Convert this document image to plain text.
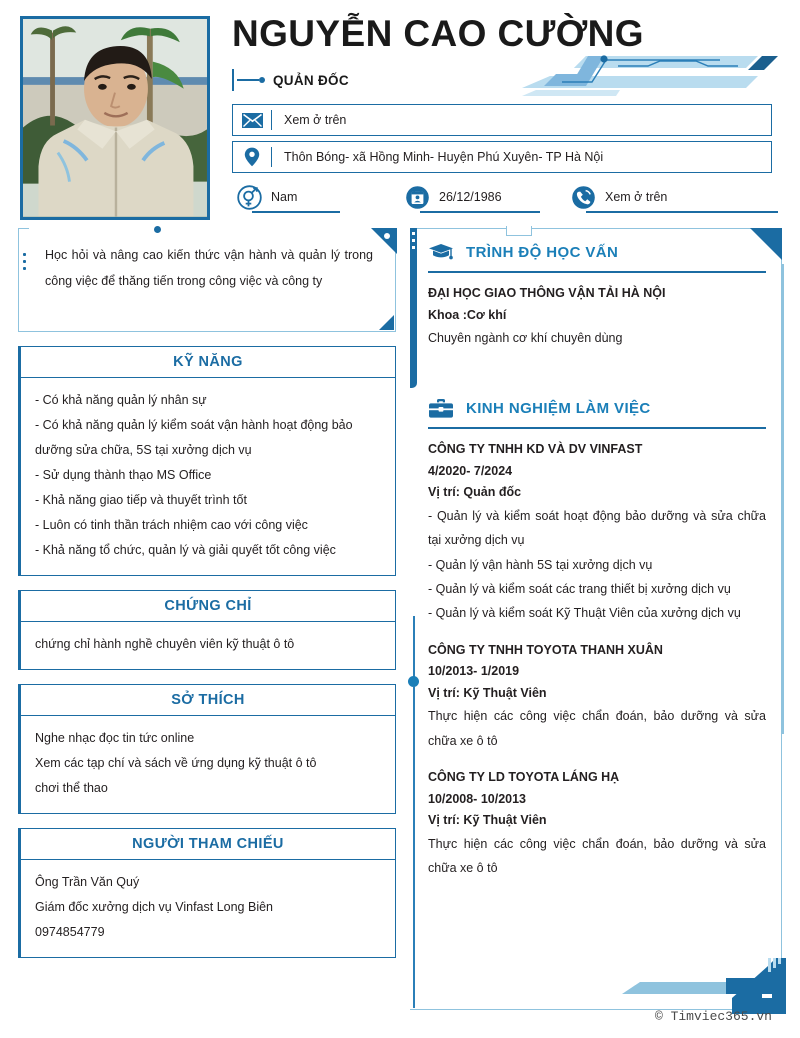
NGUYỄN CAO CƯỜNG
QUẢN ĐỐC
Xem ở trên
Thôn Bóng- xã Hồng Minh- Huyện Phú Xuyên- TP Hà Nội
Nam	26/12/1986	Xem ở trên

Học hỏi và nâng cao kiến thức vận hành và quản lý trong công việc để thăng tiến trong công việc và công ty

KỸ NĂNG

- Có khả năng quản lý nhân sự

- Có khả năng quản lý kiểm soát vận hành hoạt động bảo dưỡng sửa chữa, 5S tại xưởng dịch vụ

- Sử dụng thành thạo MS Office

- Khả năng giao tiếp và thuyết trình tốt

- Luôn có tinh thần trách nhiệm cao với công việc

- Khả năng tổ chức, quản lý và giải quyết tốt công việc

CHỨNG CHỈ

chứng chỉ hành nghề chuyên viên kỹ thuật ô tô

SỞ THÍCH

Nghe nhạc đọc tin tức online

Xem các tạp chí và sách về ứng dụng kỹ thuật ô tô

chơi thể thao

NGƯỜI THAM CHIẾU

Ông Trần Văn Quý

Giám đốc xưởng dịch vụ Vinfast Long Biên

0974854779

TRÌNH ĐỘ HỌC VẤN

ĐẠI HỌC GIAO THÔNG VẬN TẢI HÀ NỘI

Khoa :Cơ khí

Chuyên ngành cơ khí chuyên dùng

KINH NGHIỆM LÀM VIỆC

CÔNG TY TNHH KD VÀ DV VINFAST

4/2020- 7/2024

Vị trí: Quản đốc

- Quản lý và kiểm soát hoạt động bảo dưỡng và sửa chữa tại xưởng dịch vụ

- Quản lý vận hành 5S tại xưởng dịch vụ

- Quản lý và kiểm soát các trang thiết bị xưởng dịch vụ

- Quản lý và kiểm soát Kỹ Thuật Viên của xưởng dịch vụ

CÔNG TY TNHH TOYOTA THANH XUÂN

10/2013- 1/2019

Vị trí: Kỹ Thuật Viên

Thực hiện các công việc chẩn đoán, bảo dưỡng và sửa chữa xe ô tô

CÔNG TY LD TOYOTA LÁNG HẠ

10/2008- 10/2013

Vị trí: Kỹ Thuật Viên

Thực hiện các công việc chẩn đoán, bảo dưỡng và sửa chữa xe ô tô

© Timviec365.vn
